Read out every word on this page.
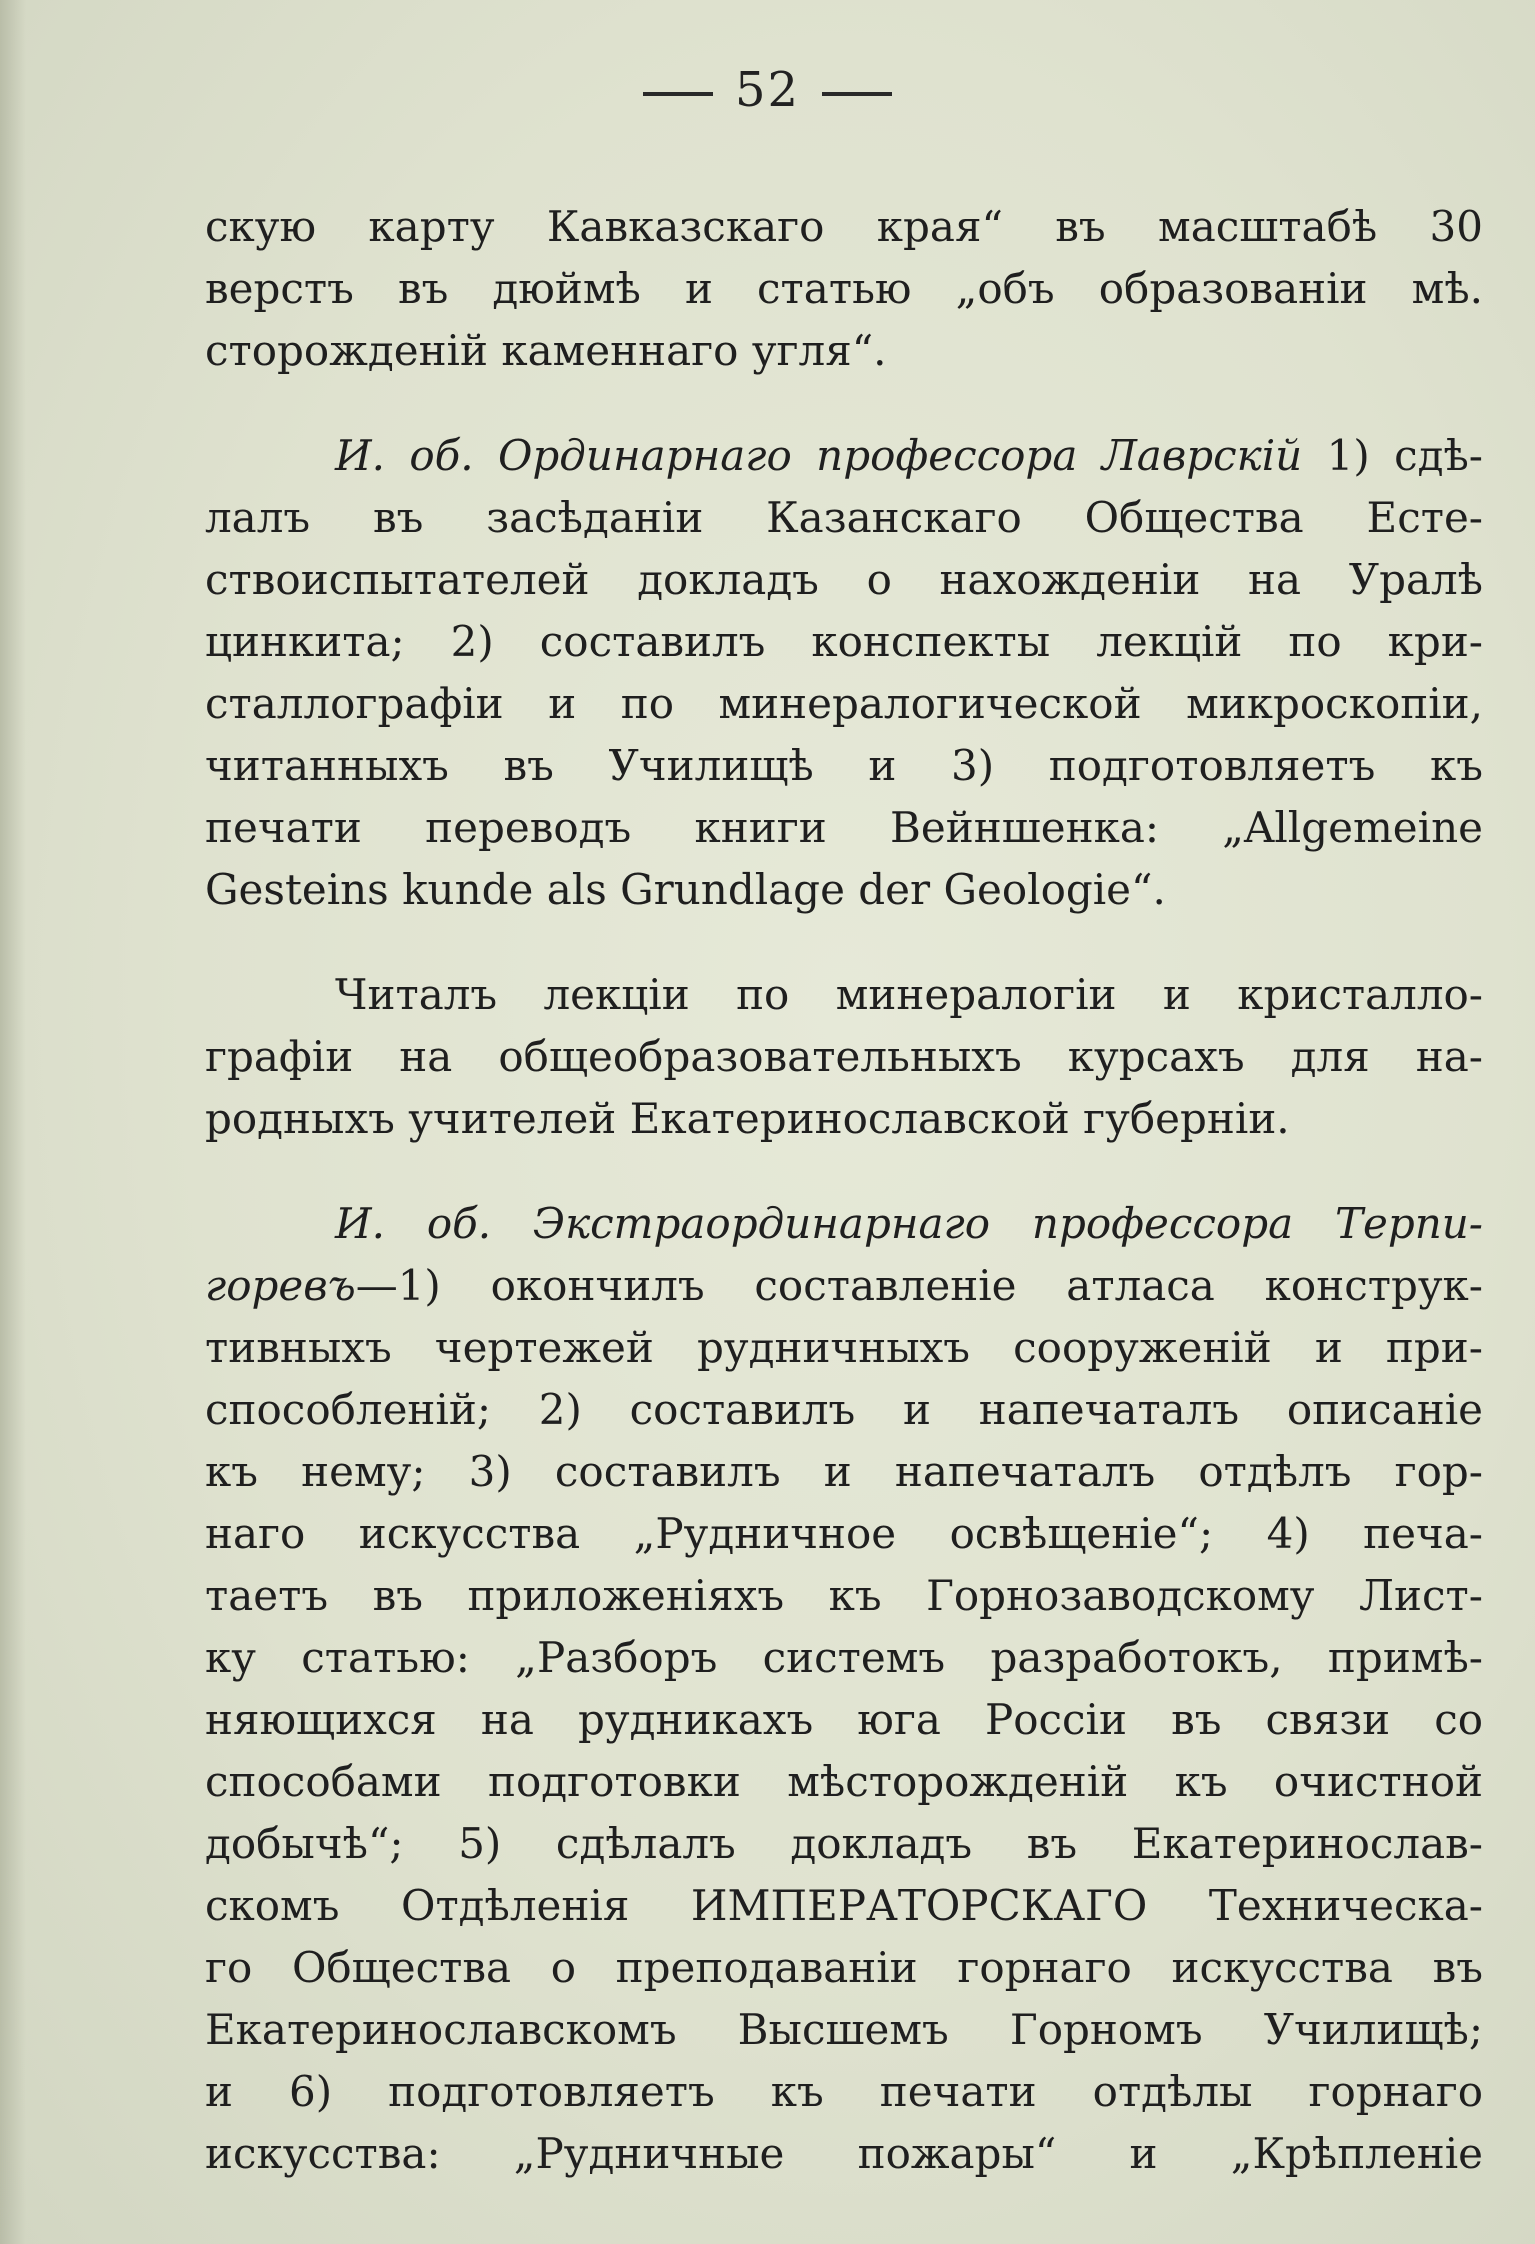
52

скую карту Кавказскаго края“ въ масштабѣ 30
верстъ въ дюймѣ и статью „объ образованіи мѣ.
сторожденій каменнаго угля“.

И. об. Ординарнаго профессора Лаврскій 1) сдѣ-
лалъ въ засѣданіи Казанскаго Общества Есте-
ствоиспытателей докладъ о нахожденіи на Уралѣ
цинкита; 2) составилъ конспекты лекцій по кри-
сталлографіи и по минералогической микроскопіи,
читанныхъ въ Училищѣ и 3) подготовляетъ къ
печати переводъ книги Вейншенка: „Allgemeine
Gesteins kunde als Grundlage der Geologie“.

Читалъ лекціи по минералогіи и кристалло-
графіи на общеобразовательныхъ курсахъ для на-
родныхъ учителей Екатеринославской губерніи.

И. об. Экстраординарнаго профессора Терпи-
горевъ—1) окончилъ составленіе атласа конструк-
тивныхъ чертежей рудничныхъ сооруженій и при-
способленій; 2) составилъ и напечаталъ описаніе
къ нему; 3) составилъ и напечаталъ отдѣлъ гор-
наго искусства „Рудничное освѣщеніе“; 4) печа-
таетъ въ приложеніяхъ къ Горнозаводскому Лист-
ку статью: „Разборъ системъ разработокъ, примѣ-
няющихся на рудникахъ юга Россіи въ связи со
способами подготовки мѣсторожденій къ очистной
добычѣ“; 5) сдѣлалъ докладъ въ Екатеринослав-
скомъ Отдѣленія ИМПЕРАТОРСКАГО Техническа-
го Общества о преподаваніи горнаго искусства въ
Екатеринославскомъ Высшемъ Горномъ Училищѣ;
и 6) подготовляетъ къ печати отдѣлы горнаго
искусства: „Рудничные пожары“ и „Крѣпленіе
